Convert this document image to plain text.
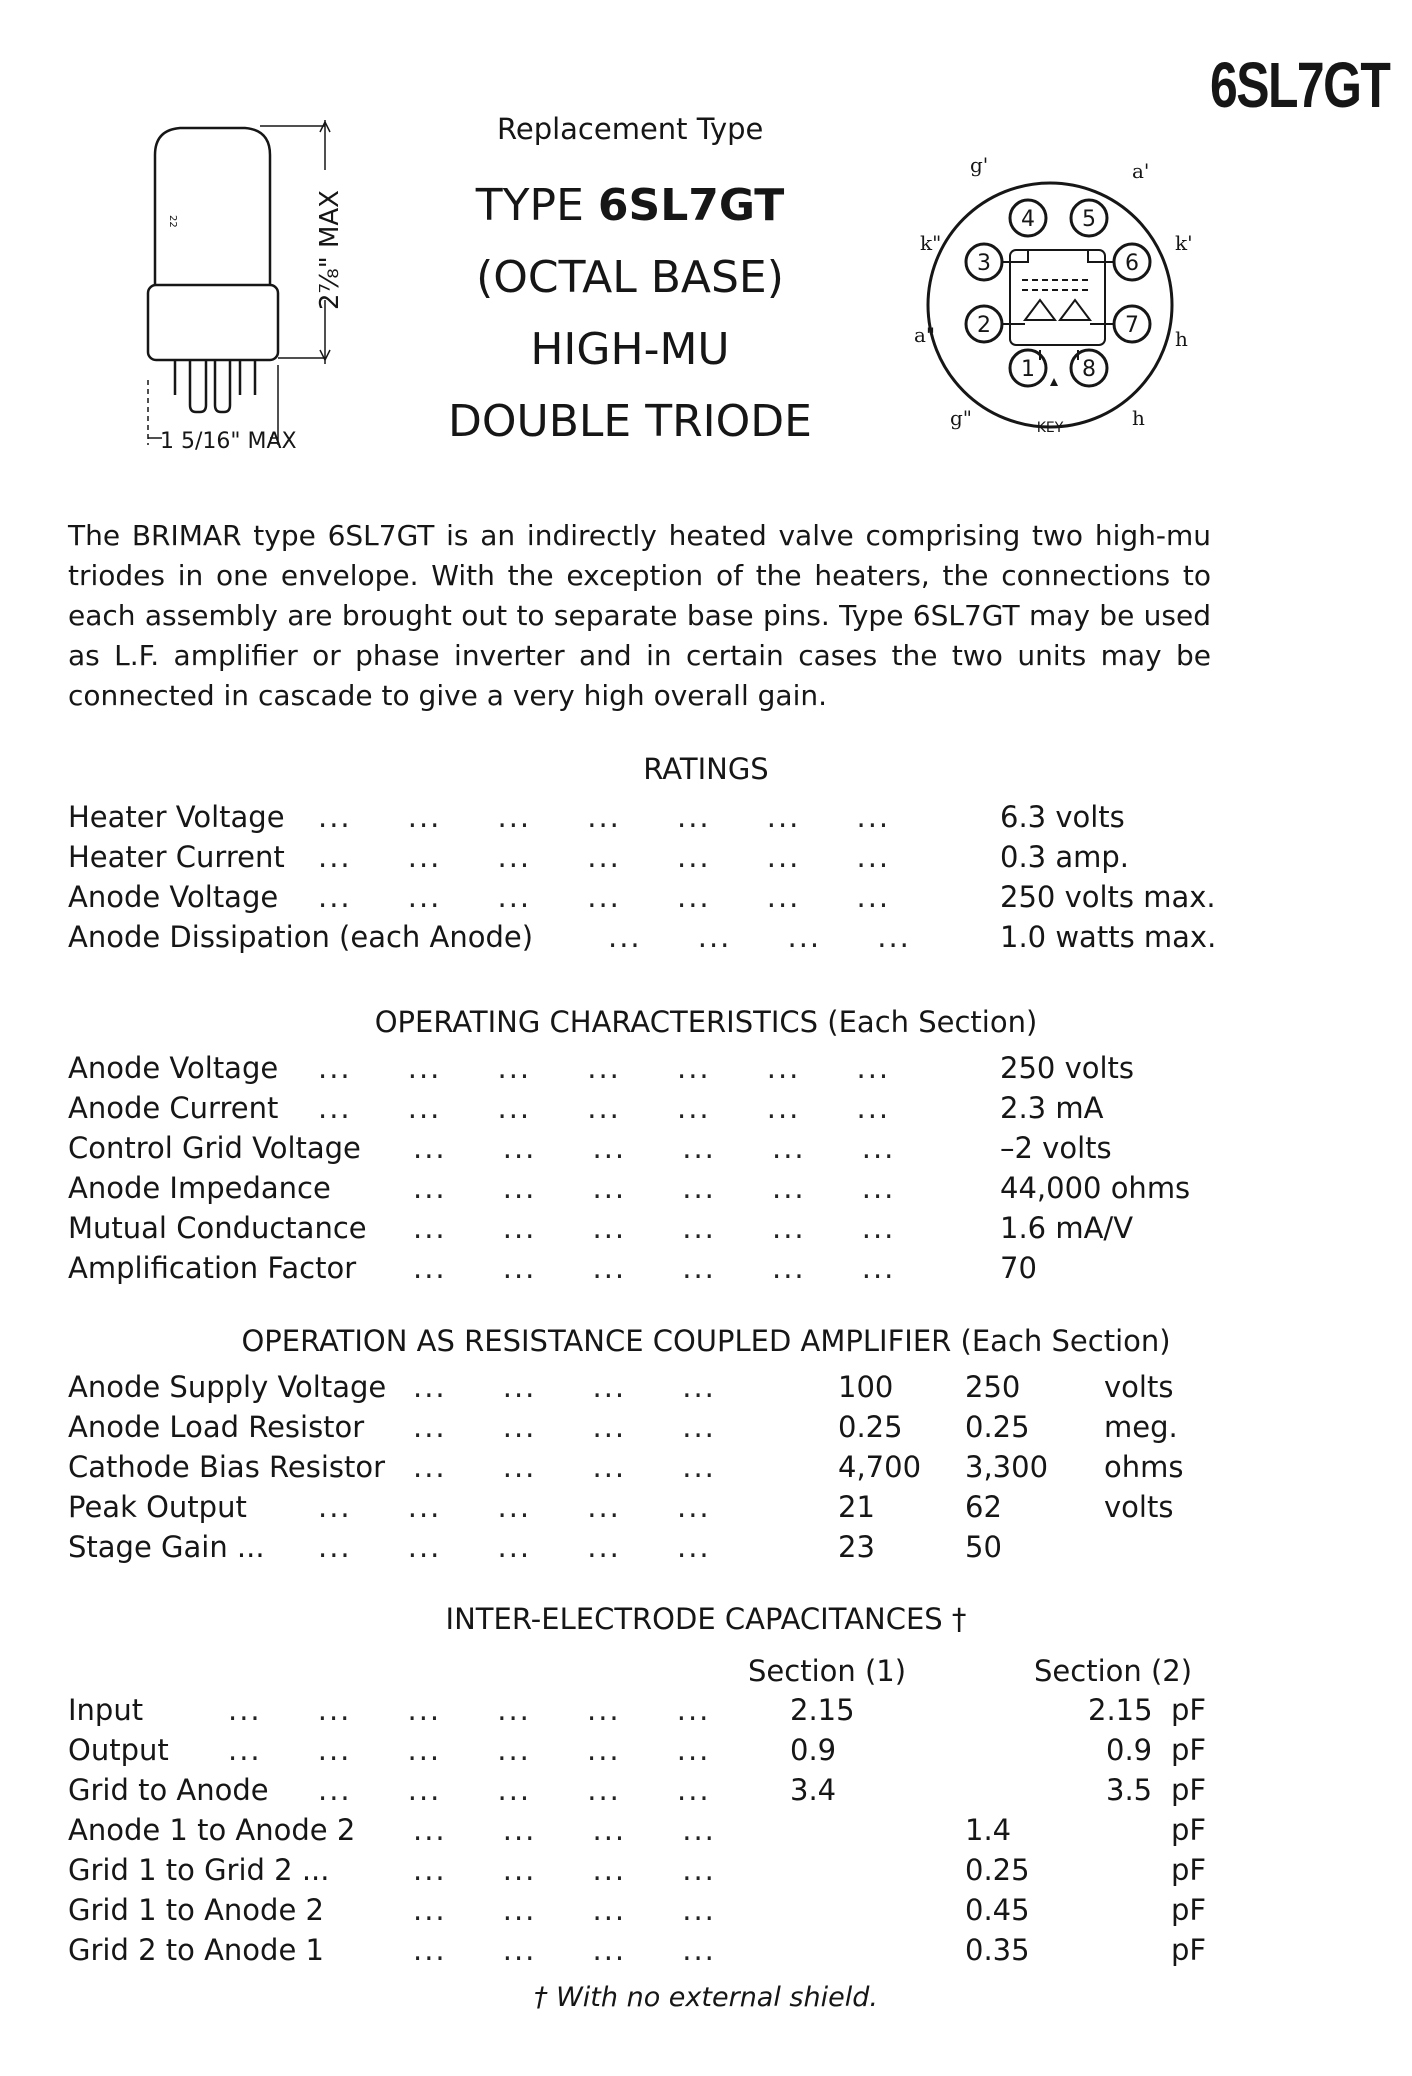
6SL7GT
22	2⅞" MAX
1 5/16" MAX
Replacement Type
TYPE 6SL7GT
(OCTAL BASE)
HIGH-MU
DOUBLE TRIODE
2
3
4 5
6
7
1 8
g'	a'
k"	k'
a"	h
g"	h
KEY
The BRIMAR type 6SL7GT is an indirectly heated valve comprising two high-mu triodes in one envelope. With the exception of the heaters, the connections to each assembly are brought out to separate base pins. Type 6SL7GT may be used as L.F. amplifier or phase inverter and in certain cases the two units may be connected in cascade to give a very high overall gain.
RATINGS
Heater Voltage ...     ...     ...     ...     ...     ...     ...	6.3 volts
Heater Current ...     ...     ...     ...     ...     ...     ...	0.3 amp.
Anode Voltage ...     ...     ...     ...     ...     ...     ...	250 volts max.
Anode Dissipation (each Anode)	...     ...     ...     ...	1.0 watts max.
OPERATING CHARACTERISTICS (Each Section)
Anode Voltage ...     ...     ...     ...     ...     ...     ...	250 volts
Anode Current ...     ...     ...     ...     ...     ...     ...	2.3 mA
Control Grid Voltage ...     ...     ...     ...     ...     ...	–2 volts
Anode Impedance	...     ...     ...     ...     ...     ...	44,000 ohms
Mutual Conductance ...     ...     ...     ...     ...     ...	1.6 mA/V
Amplification Factor ...     ...     ...     ...     ...     ...	70
OPERATION AS RESISTANCE COUPLED AMPLIFIER (Each Section)
Anode Supply Voltage ...     ...     ...     ...	100 250	volts
Anode Load Resistor ...     ...     ...     ...	0.25 0.25	meg.
Cathode Bias Resistor ...     ...     ...     ...	4,700 3,300 ohms
Peak Output ...     ...     ...     ...     ...	21	62	volts
Stage Gain ... ...     ...     ...     ...     ...	23	50
INTER-ELECTRODE CAPACITANCES †
Section (1)	Section (2)
Input	...     ...     ...     ...     ...     ...	2.15	2.15 pF
Output ...     ...     ...     ...     ...     ...	0.9	0.9 pF
Grid to Anode ...     ...     ...     ...     ...	3.4	3.5 pF
Anode 1 to Anode 2 ...     ...     ...     ...	1.4	pF
Grid 1 to Grid 2 ...	...     ...     ...     ...	0.25	pF
Grid 1 to Anode 2	...     ...     ...     ...	0.45	pF
Grid 2 to Anode 1	...     ...     ...     ...	0.35	pF
† With no external shield.
